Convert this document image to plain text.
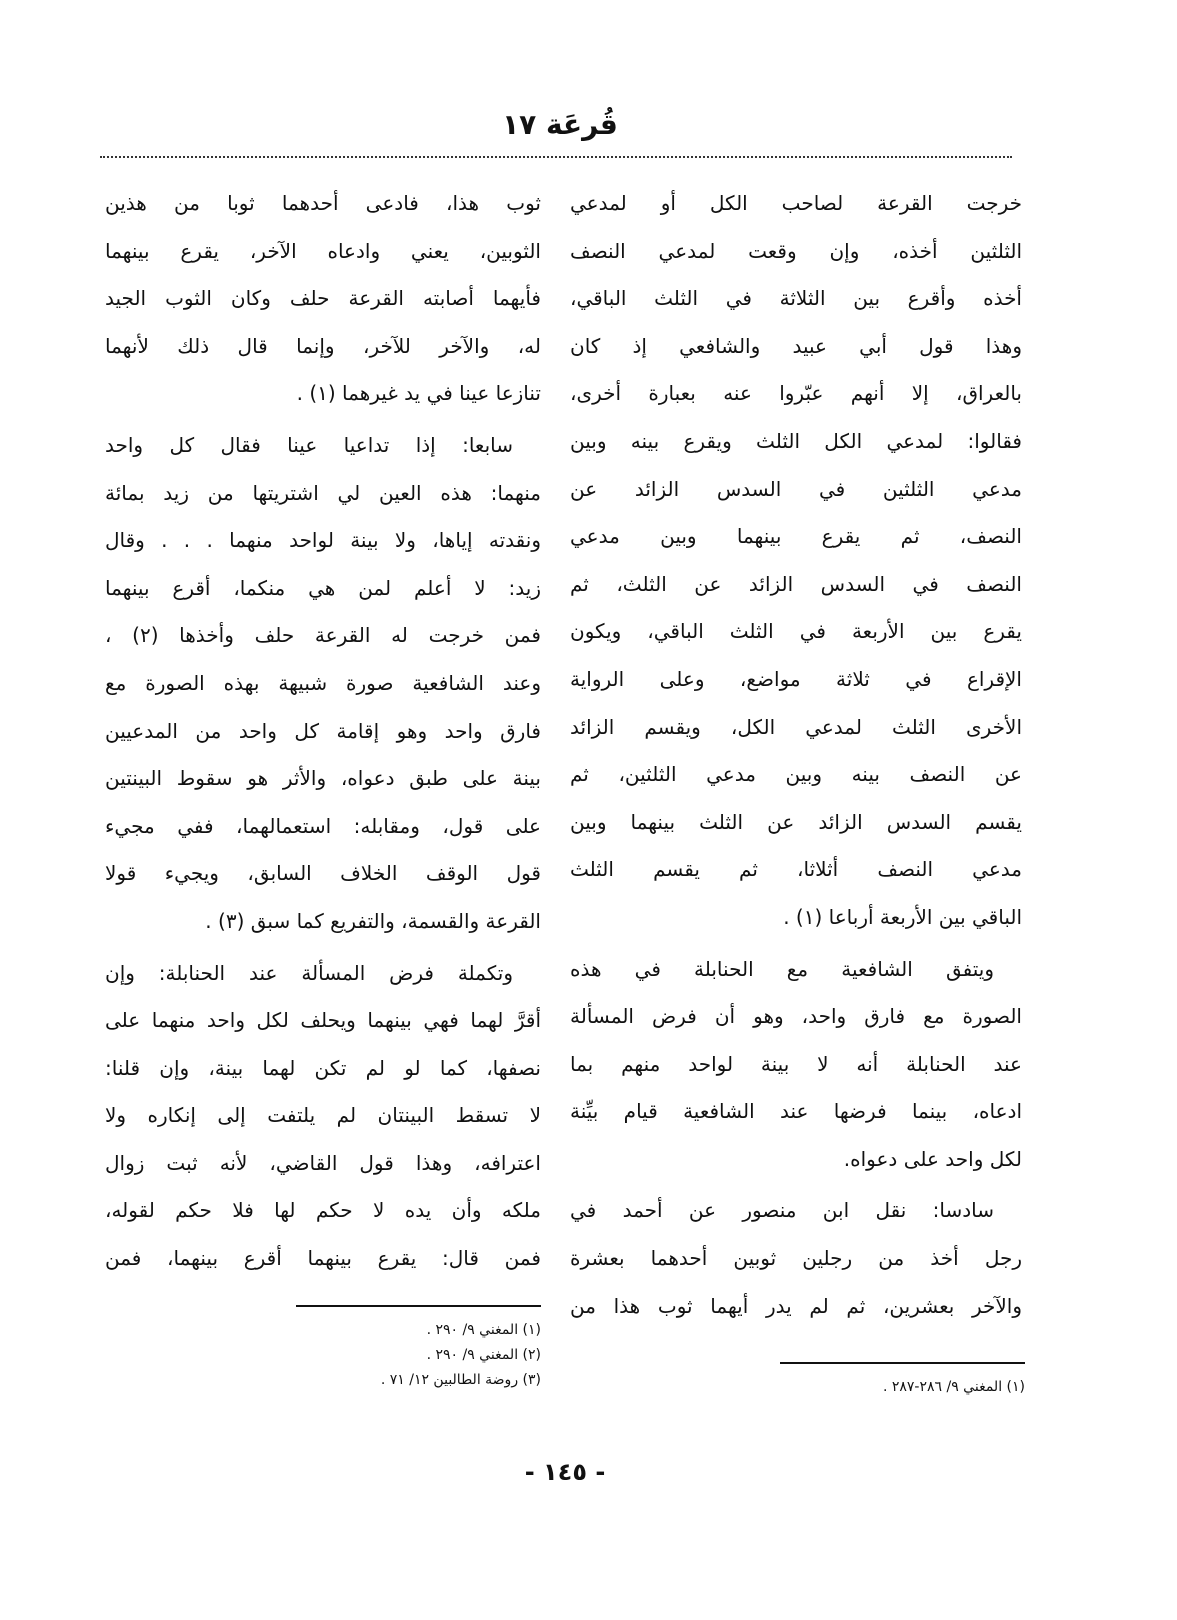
قُرعَة ١٧
خرجت القرعة لصاحب الكل أو لمدعي
الثلثين أخذه، وإن وقعت لمدعي النصف
أخذه وأقرع بين الثلاثة في الثلث الباقي،
وهذا قول أبي عبيد والشافعي إذ كان
بالعراق، إلا أنهم عبّروا عنه بعبارة أخرى،
فقالوا: لمدعي الكل الثلث ويقرع بينه وبين
مدعي الثلثين في السدس الزائد عن
النصف، ثم يقرع بينهما وبين مدعي
النصف في السدس الزائد عن الثلث، ثم
يقرع بين الأربعة في الثلث الباقي، ويكون
الإقراع في ثلاثة مواضع، وعلى الرواية
الأخرى الثلث لمدعي الكل، ويقسم الزائد
عن النصف بينه وبين مدعي الثلثين، ثم
يقسم السدس الزائد عن الثلث بينهما وبين
مدعي النصف أثلاثا، ثم يقسم الثلث
الباقي بين الأربعة أرباعا (١) .
ويتفق الشافعية مع الحنابلة في هذه
الصورة مع فارق واحد، وهو أن فرض المسألة
عند الحنابلة أنه لا بينة لواحد منهم بما
ادعاه، بينما فرضها عند الشافعية قيام بيِّنة
لكل واحد على دعواه.
سادسا: نقل ابن منصور عن أحمد في
رجل أخذ من رجلين ثوبين أحدهما بعشرة
والآخر بعشرين، ثم لم يدر أيهما ثوب هذا من
ثوب هذا، فادعى أحدهما ثوبا من هذين
الثوبين، يعني وادعاه الآخر، يقرع بينهما
فأيهما أصابته القرعة حلف وكان الثوب الجيد
له، والآخر للآخر، وإنما قال ذلك لأنهما
تنازعا عينا في يد غيرهما (١) .
سابعا: إذا تداعيا عينا فقال كل واحد
منهما: هذه العين لي اشتريتها من زيد بمائة
ونقدته إياها، ولا بينة لواحد منهما . . . وقال
زيد: لا أعلم لمن هي منكما، أقرع بينهما
فمن خرجت له القرعة حلف وأخذها (٢) ،
وعند الشافعية صورة شبيهة بهذه الصورة مع
فارق واحد وهو إقامة كل واحد من المدعيين
بينة على طبق دعواه، والأثر هو سقوط البينتين
على قول، ومقابله: استعمالهما، ففي مجيء
قول الوقف الخلاف السابق، ويجيء قولا
القرعة والقسمة، والتفريع كما سبق (٣) .
وتكملة فرض المسألة عند الحنابلة: وإن
أقرَّ لهما فهي بينهما ويحلف لكل واحد منهما على
نصفها، كما لو لم تكن لهما بينة، وإن قلنا:
لا تسقط البينتان لم يلتفت إلى إنكاره ولا
اعترافه، وهذا قول القاضي، لأنه ثبت زوال
ملكه وأن يده لا حكم لها فلا حكم لقوله،
فمن قال: يقرع بينهما أقرع بينهما، فمن
(١) المغني ٩/ ٢٨٦-٢٨٧ .
(١) المغني ٩/ ٢٩٠ .
(٢) المغني ٩/ ٢٩٠ .
(٣) روضة الطالبين ١٢/ ٧١ .
- ١٤٥ -
